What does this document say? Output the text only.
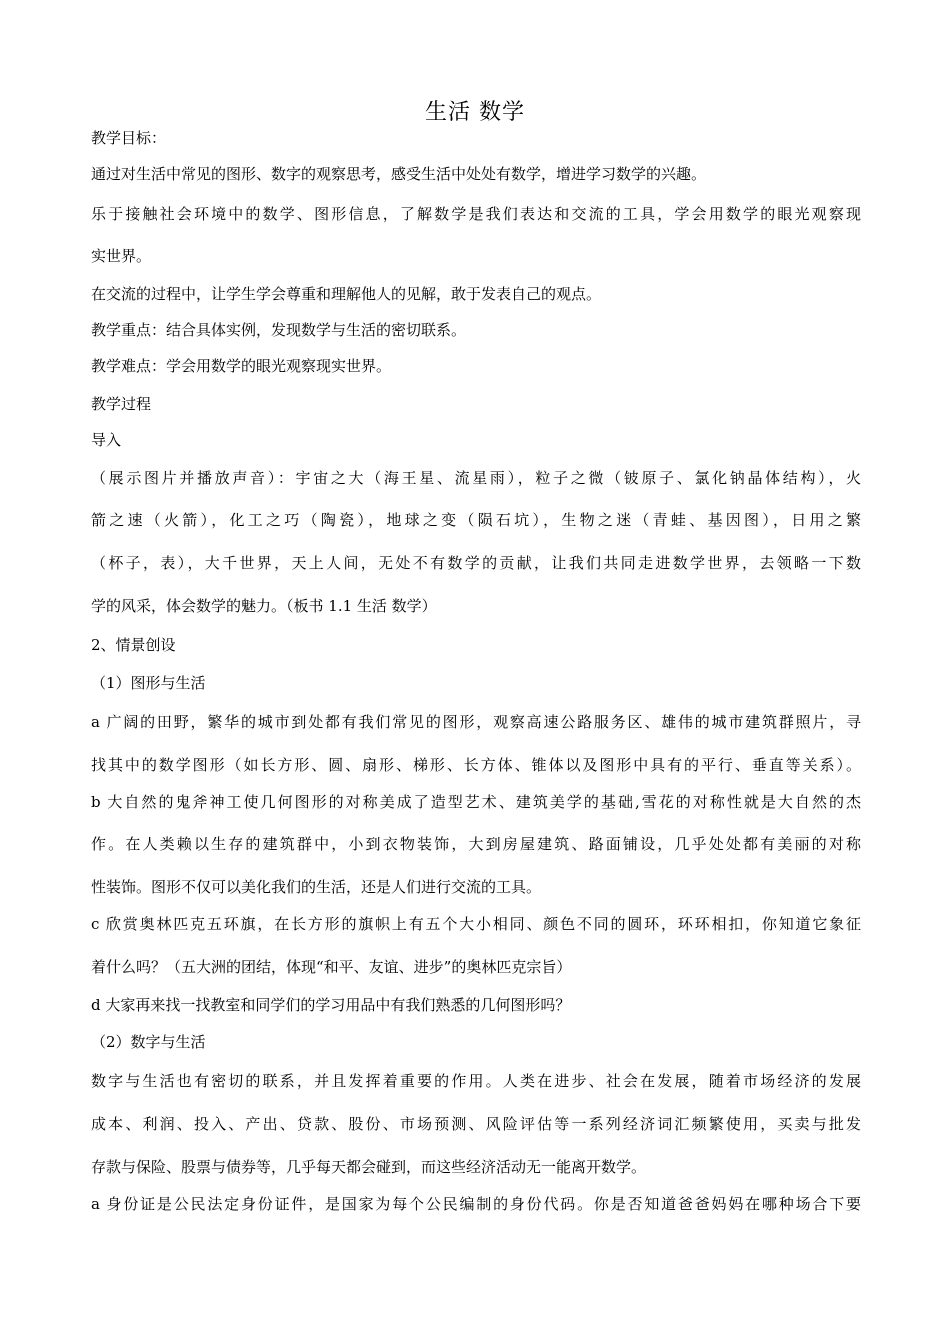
生活 数学
教学目标：
通过对生活中常见的图形、数字的观察思考，感受生活中处处有数学，增进学习数学的兴趣。
乐于接触社会环境中的数学、图形信息，了解数学是我们表达和交流的工具，学会用数学的眼光观察现
实世界。
在交流的过程中，让学生学会尊重和理解他人的见解，敢于发表自己的观点。
教学重点：结合具体实例，发现数学与生活的密切联系。
教学难点：学会用数学的眼光观察现实世界。
教学过程
导入
（展示图片并播放声音）：宇宙之大（海王星、流星雨），粒子之微（铍原子、氯化钠晶体结构），火
箭之速（火箭），化工之巧（陶瓷），地球之变（陨石坑），生物之迷（青蛙、基因图），日用之繁
（杯子，表），大千世界，天上人间，无处不有数学的贡献，让我们共同走进数学世界，去领略一下数
学的风采，体会数学的魅力。（板书 1.1 生活 数学）
2、情景创设
（1）图形与生活
a 广阔的田野，繁华的城市到处都有我们常见的图形，观察高速公路服务区、雄伟的城市建筑群照片，寻
找其中的数学图形（如长方形、圆、扇形、梯形、长方体、锥体以及图形中具有的平行、垂直等关系）。
b 大自然的鬼斧神工使几何图形的对称美成了造型艺术、建筑美学的基础,雪花的对称性就是大自然的杰
作。在人类赖以生存的建筑群中，小到衣物装饰，大到房屋建筑、路面铺设，几乎处处都有美丽的对称
性装饰。图形不仅可以美化我们的生活，还是人们进行交流的工具。
c 欣赏奥林匹克五环旗，在长方形的旗帜上有五个大小相同、颜色不同的圆环，环环相扣，你知道它象征
着什么吗？（五大洲的团结，体现“和平、友谊、进步”的奥林匹克宗旨）
d 大家再来找一找教室和同学们的学习用品中有我们熟悉的几何图形吗？
（2）数字与生活
数字与生活也有密切的联系，并且发挥着重要的作用。人类在进步、社会在发展，随着市场经济的发展
成本、利润、投入、产出、贷款、股份、市场预测、风险评估等一系列经济词汇频繁使用，买卖与批发
存款与保险、股票与债券等，几乎每天都会碰到，而这些经济活动无一能离开数学。
a 身份证是公民法定身份证件，是国家为每个公民编制的身份代码。你是否知道爸爸妈妈在哪种场合下要
